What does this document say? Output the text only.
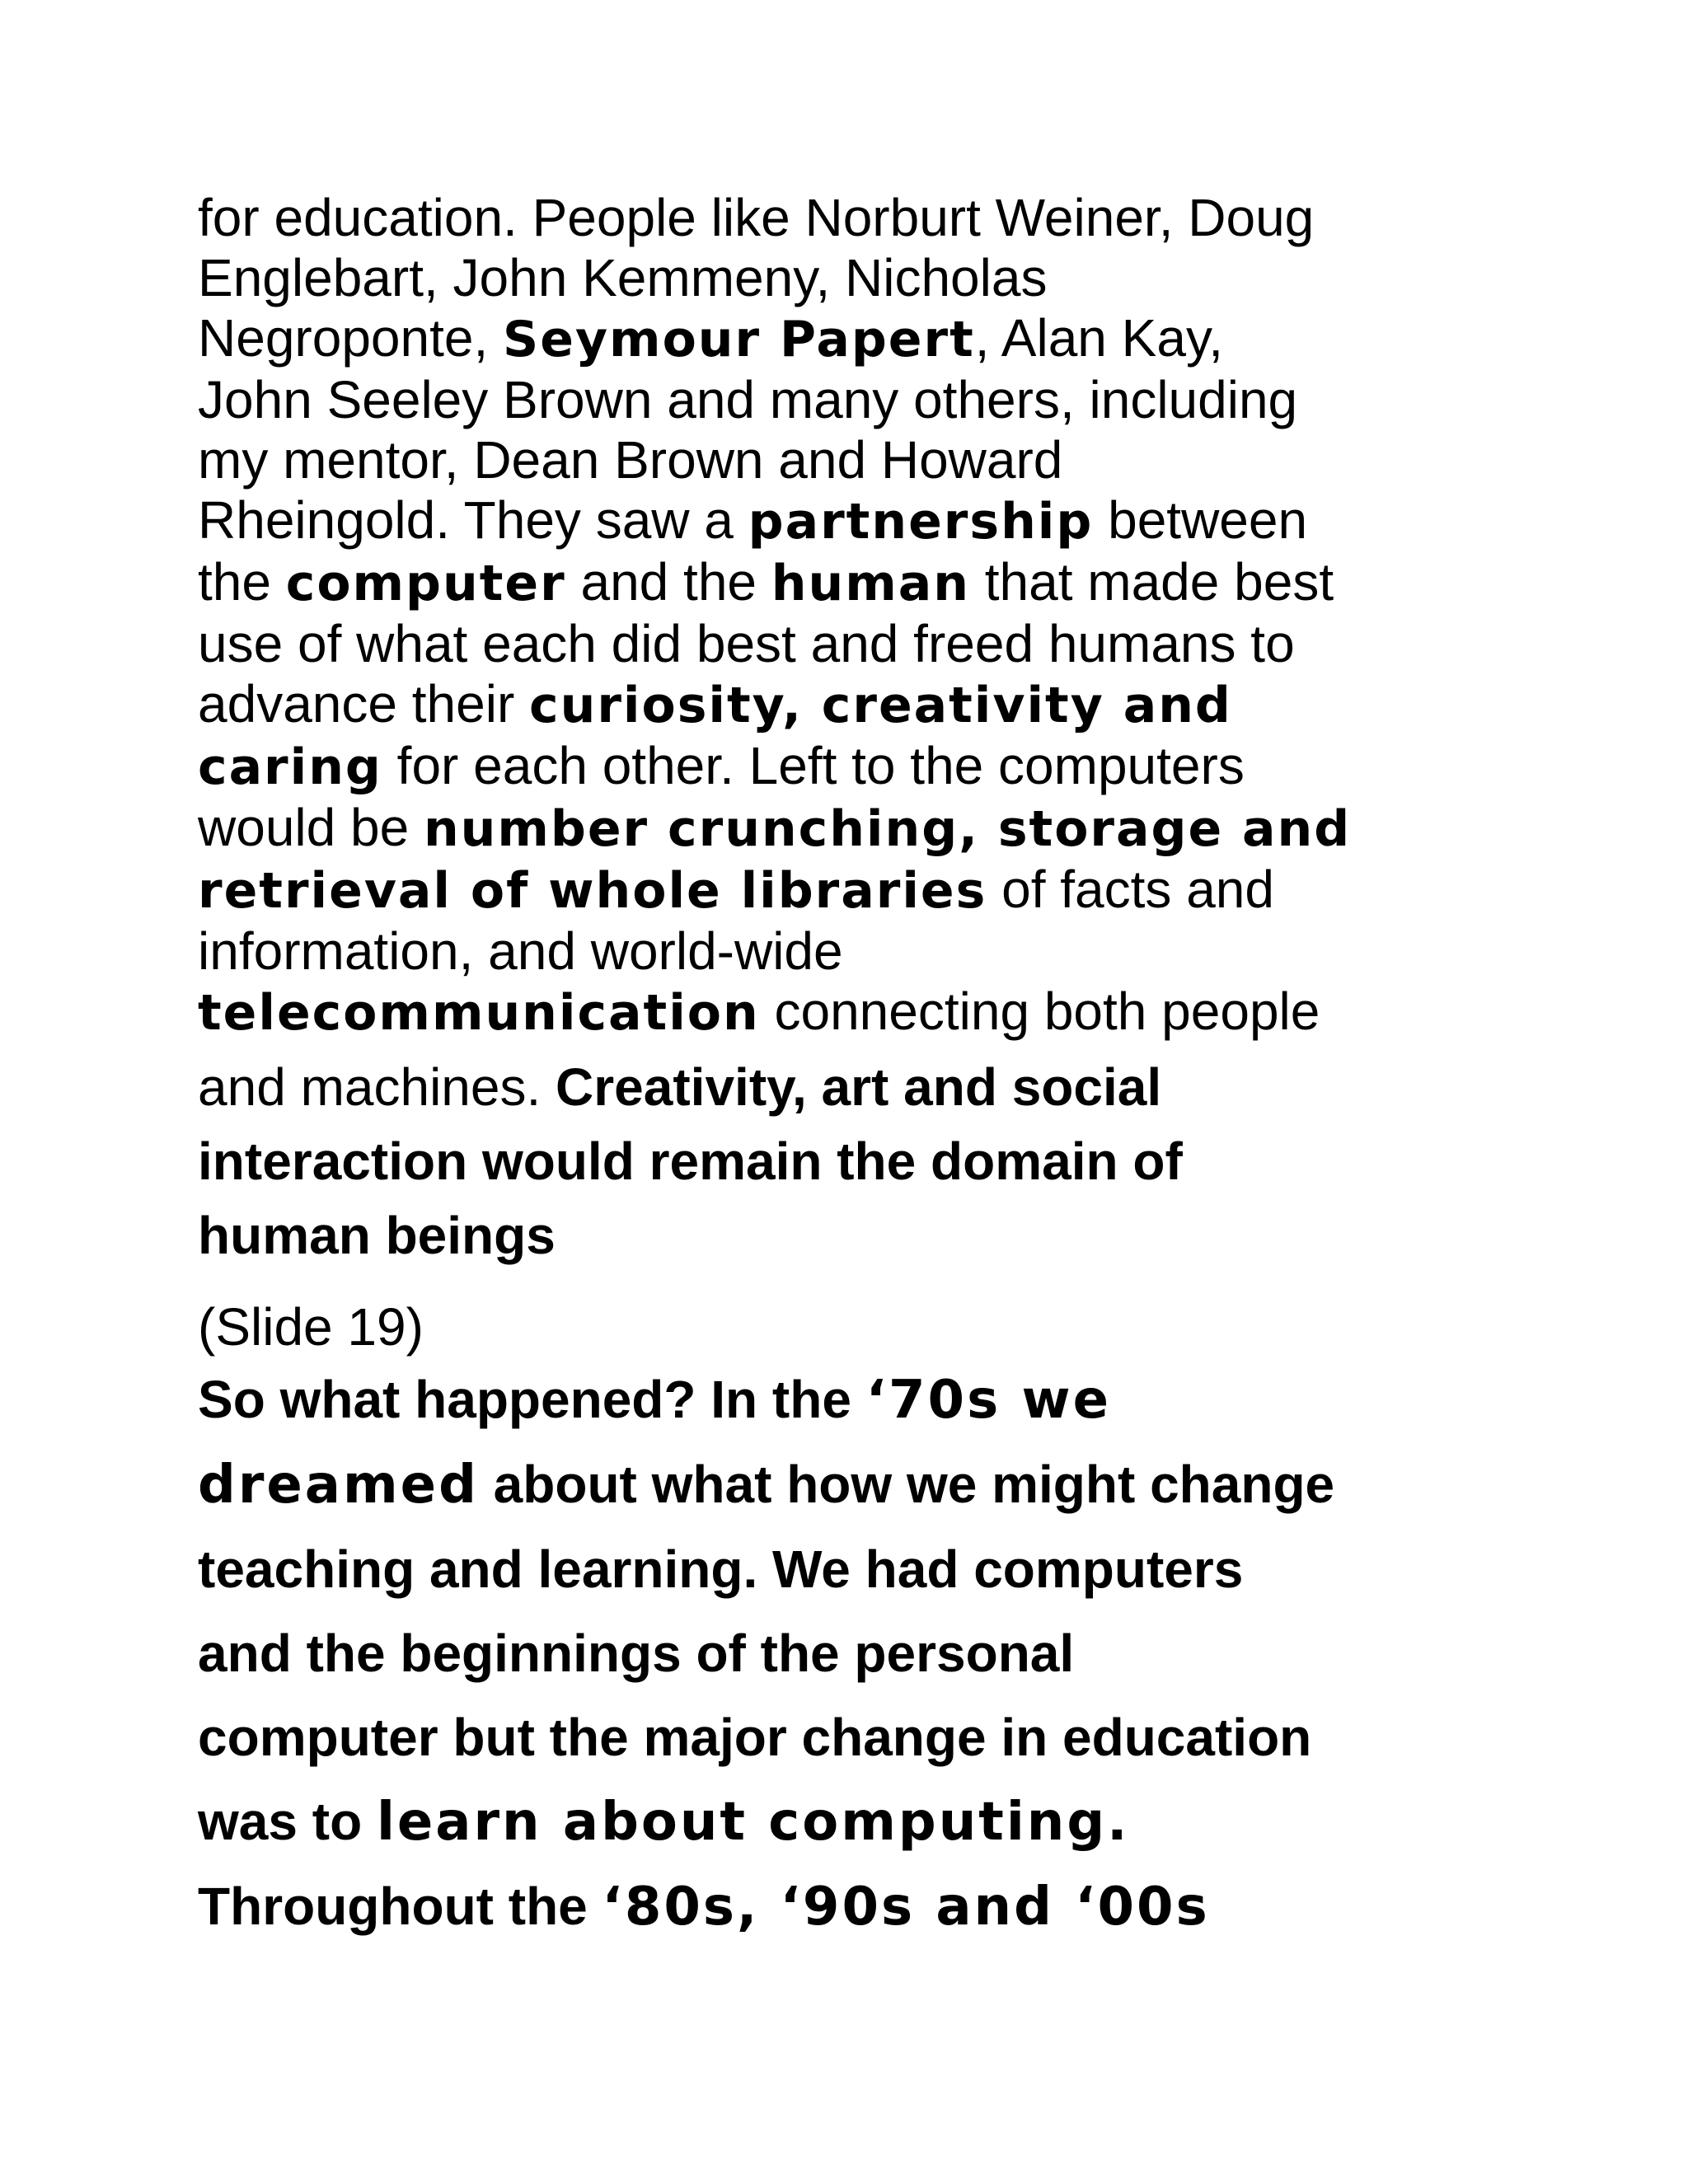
for education. People like Norburt Weiner, Doug
Englebart, John Kemmeny, Nicholas
Negroponte, Seymour Papert, Alan Kay,
John Seeley Brown and many others, including
my mentor, Dean Brown and Howard
Rheingold. They saw a partnership between
the computer and the human that made best
use of what each did best and freed humans to
advance their curiosity, creativity and
caring for each other. Left to the computers
would be number crunching, storage and
retrieval of whole libraries of facts and
information, and world-wide
telecommunication connecting both people
and machines. Creativity, art and social
interaction would remain the domain of
human beings

(Slide 19)

So what happened? In the ‘70s we
dreamed about what how we might change
teaching and learning. We had computers
and the beginnings of the personal
computer but the major change in education
was to learn about computing.
Throughout the ‘80s, ‘90s and ‘00s
